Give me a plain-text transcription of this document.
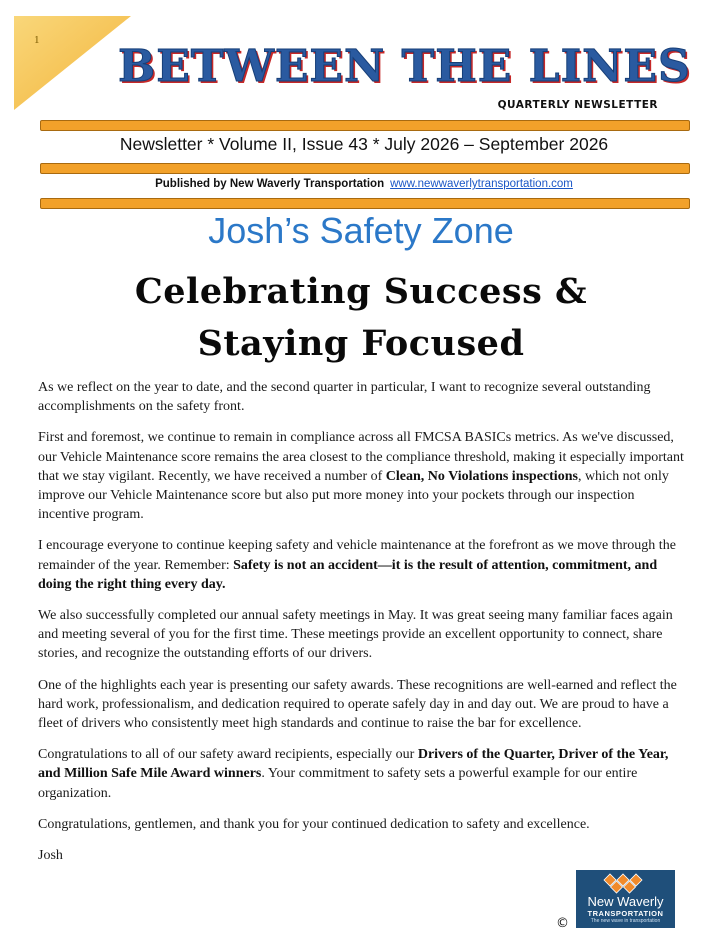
1
BETWEEN THE LINES
QUARTERLY NEWSLETTER
Newsletter * Volume II, Issue 43 * July 2026 – September 2026
Published by New Waverly Transportation www.newwaverlytransportation.com
Josh’s Safety Zone
Celebrating Success &
Staying Focused

As we reflect on the year to date, and the second quarter in particular, I want to recognize several outstanding accomplishments on the safety front.

First and foremost, we continue to remain in compliance across all FMCSA BASICs metrics. As we've discussed, our Vehicle Maintenance score remains the area closest to the compliance threshold, making it especially important that we stay vigilant. Recently, we have received a number of Clean, No Violations inspections, which not only improve our Vehicle Maintenance score but also put more money into your pockets through our inspection incentive program.

I encourage everyone to continue keeping safety and vehicle maintenance at the forefront as we move through the remainder of the year. Remember: Safety is not an accident—it is the result of attention, commitment, and doing the right thing every day.

We also successfully completed our annual safety meetings in May. It was great seeing many familiar faces again and meeting several of you for the first time. These meetings provide an excellent opportunity to connect, share stories, and recognize the outstanding efforts of our drivers.

One of the highlights each year is presenting our safety awards. These recognitions are well-earned and reflect the hard work, professionalism, and dedication required to operate safely day in and day out. We are proud to have a fleet of drivers who consistently meet high standards and continue to raise the bar for excellence.

Congratulations to all of our safety award recipients, especially our Drivers of the Quarter, Driver of the Year, and Million Safe Mile Award winners. Your commitment to safety sets a powerful example for our entire organization.

Congratulations, gentlemen, and thank you for your continued dedication to safety and excellence.

Josh

New Waverly
TRANSPORTATION
The new wave in transportation
©
